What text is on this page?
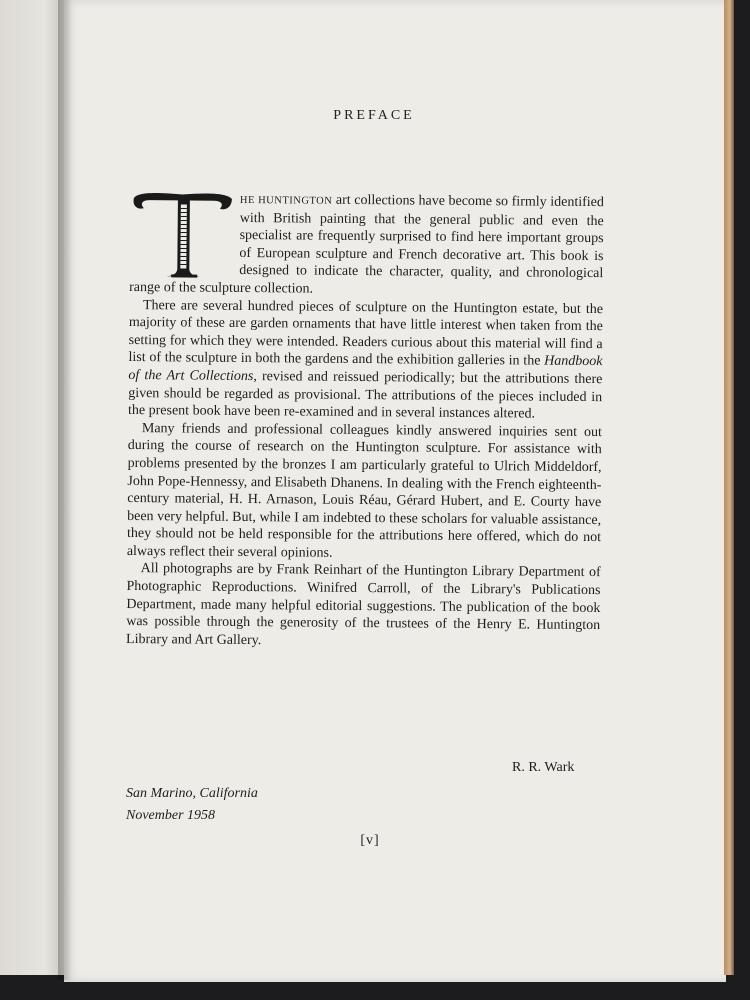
PREFACE

HE HUNTINGTON art collections have become so firmly identified with British painting that the general public and even the specialist are frequently surprised to find here important groups of European sculpture and French decorative art. This book is designed to indicate the character, quality, and chronological range of the sculpture collection.

There are several hundred pieces of sculpture on the Huntington estate, but the majority of these are garden ornaments that have little interest when taken from the setting for which they were intended. Readers curious about this material will find a list of the sculpture in both the gardens and the exhibition galleries in the Handbook of the Art Collections, revised and reissued periodically; but the attributions there given should be regarded as provisional. The attributions of the pieces included in the present book have been re-examined and in several instances altered.

Many friends and professional colleagues kindly answered inquiries sent out during the course of research on the Huntington sculpture. For assistance with problems presented by the bronzes I am particularly grateful to Ulrich Middeldorf, John Pope-Hennessy, and Elisabeth Dhanens. In dealing with the French eighteenth-century material, H. H. Arnason, Louis Réau, Gérard Hubert, and E. Courty have been very helpful. But, while I am indebted to these scholars for valuable assistance, they should not be held responsible for the attributions here offered, which do not always reflect their several opinions.

All photographs are by Frank Reinhart of the Huntington Library Department of Photographic Reproductions. Winifred Carroll, of the Library's Publications Department, made many helpful editorial suggestions. The publication of the book was possible through the generosity of the trustees of the Henry E. Huntington Library and Art Gallery.

R. R. Wark
San Marino, California
November 1958
[v]
